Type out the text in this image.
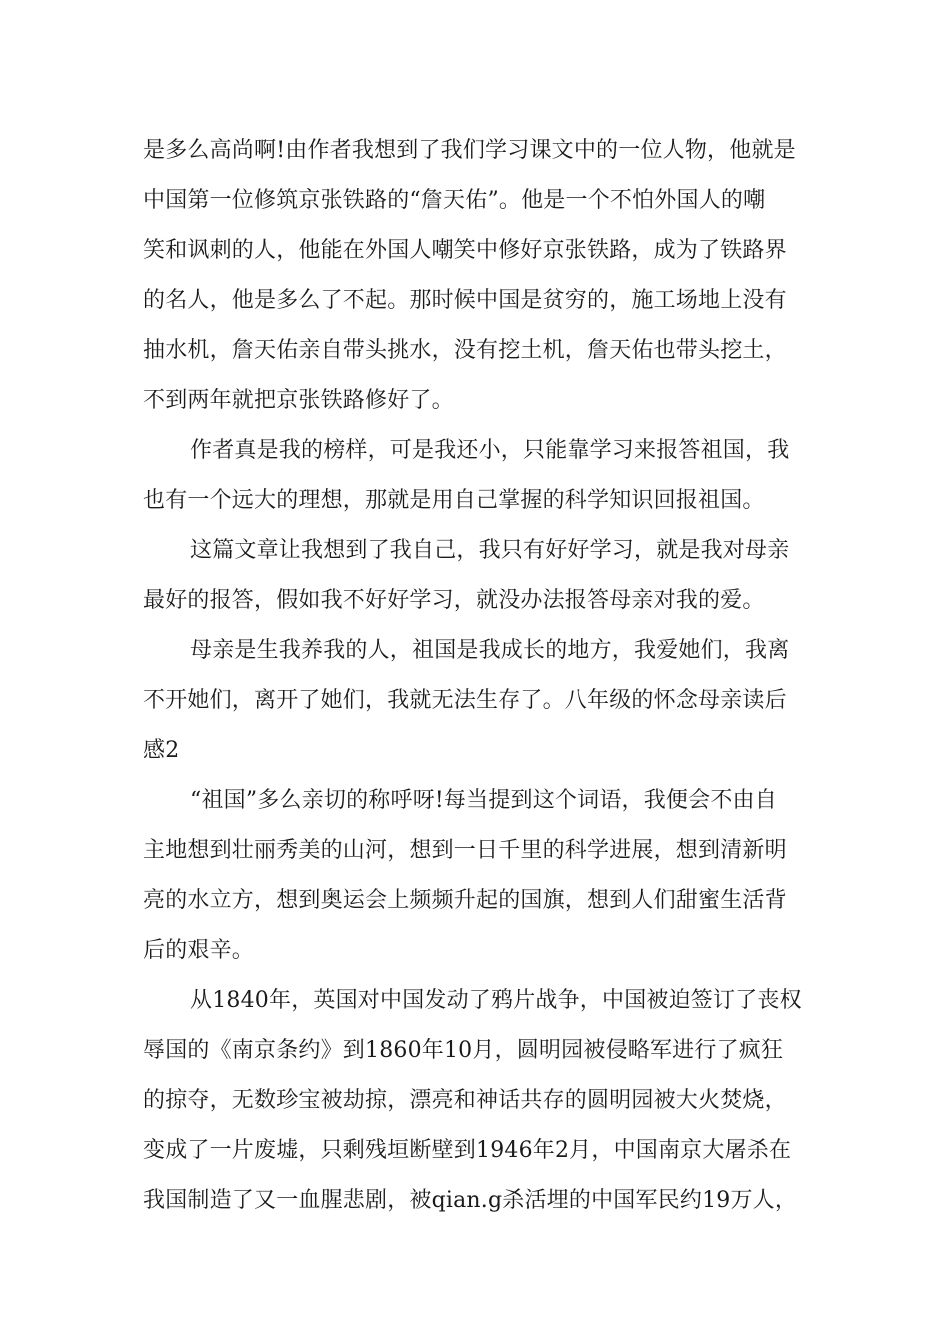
是多么高尚啊!由作者我想到了我们学习课文中的一位人物，他就是
中国第一位修筑京张铁路的“詹天佑”。他是一个不怕外国人的嘲
笑和讽刺的人，他能在外国人嘲笑中修好京张铁路，成为了铁路界
的名人，他是多么了不起。那时候中国是贫穷的，施工场地上没有
抽水机，詹天佑亲自带头挑水，没有挖土机，詹天佑也带头挖土，
不到两年就把京张铁路修好了。
作者真是我的榜样，可是我还小，只能靠学习来报答祖国，我
也有一个远大的理想，那就是用自己掌握的科学知识回报祖国。
这篇文章让我想到了我自己，我只有好好学习，就是我对母亲
最好的报答，假如我不好好学习，就没办法报答母亲对我的爱。
母亲是生我养我的人，祖国是我成长的地方，我爱她们，我离
不开她们，离开了她们，我就无法生存了。八年级的怀念母亲读后
感2
“祖国”多么亲切的称呼呀!每当提到这个词语，我便会不由自
主地想到壮丽秀美的山河，想到一日千里的科学进展，想到清新明
亮的水立方，想到奥运会上频频升起的国旗，想到人们甜蜜生活背
后的艰辛。
从1840年，英国对中国发动了鸦片战争，中国被迫签订了丧权
辱国的《南京条约》到1860年10月，圆明园被侵略军进行了疯狂
的掠夺，无数珍宝被劫掠，漂亮和神话共存的圆明园被大火焚烧，
变成了一片废墟，只剩残垣断壁到1946年2月，中国南京大屠杀在
我国制造了又一血腥悲剧，被qian.g杀活埋的中国军民约19万人，
